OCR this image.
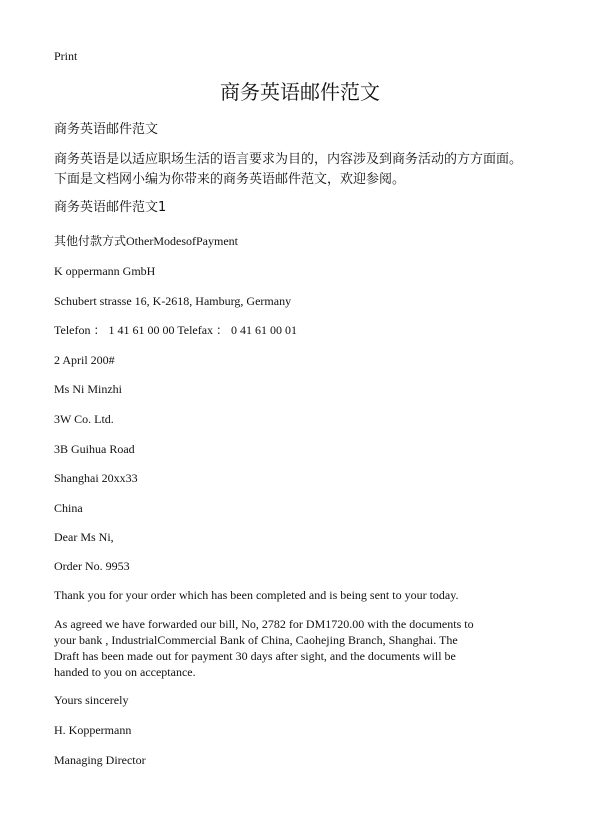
Print
商务英语邮件范文
商务英语邮件范文
商务英语是以适应职场生活的语言要求为目的，内容涉及到商务活动的方方面面。
下面是文档网小编为你带来的商务英语邮件范文，欢迎参阅。
商务英语邮件范文1
其他付款方式OtherModesofPayment
K oppermann GmbH
Schubert strasse 16, K-2618, Hamburg, Germany
Telefon ： 1 41 61 00 00 Telefax ： 0 41 61 00 01
2 April 200#
Ms Ni Minzhi
3W Co. Ltd.
3B Guihua Road
Shanghai 20xx33
China
Dear Ms Ni,
Order No. 9953
Thank you for your order which has been completed and is being sent to your today.
As agreed we have forwarded our bill, No, 2782 for DM1720.00 with the documents to
your bank , IndustrialCommercial Bank of China, Caohejing Branch, Shanghai. The
Draft has been made out for payment 30 days after sight, and the documents will be
handed to you on acceptance.
Yours sincerely
H. Koppermann
Managing Director
